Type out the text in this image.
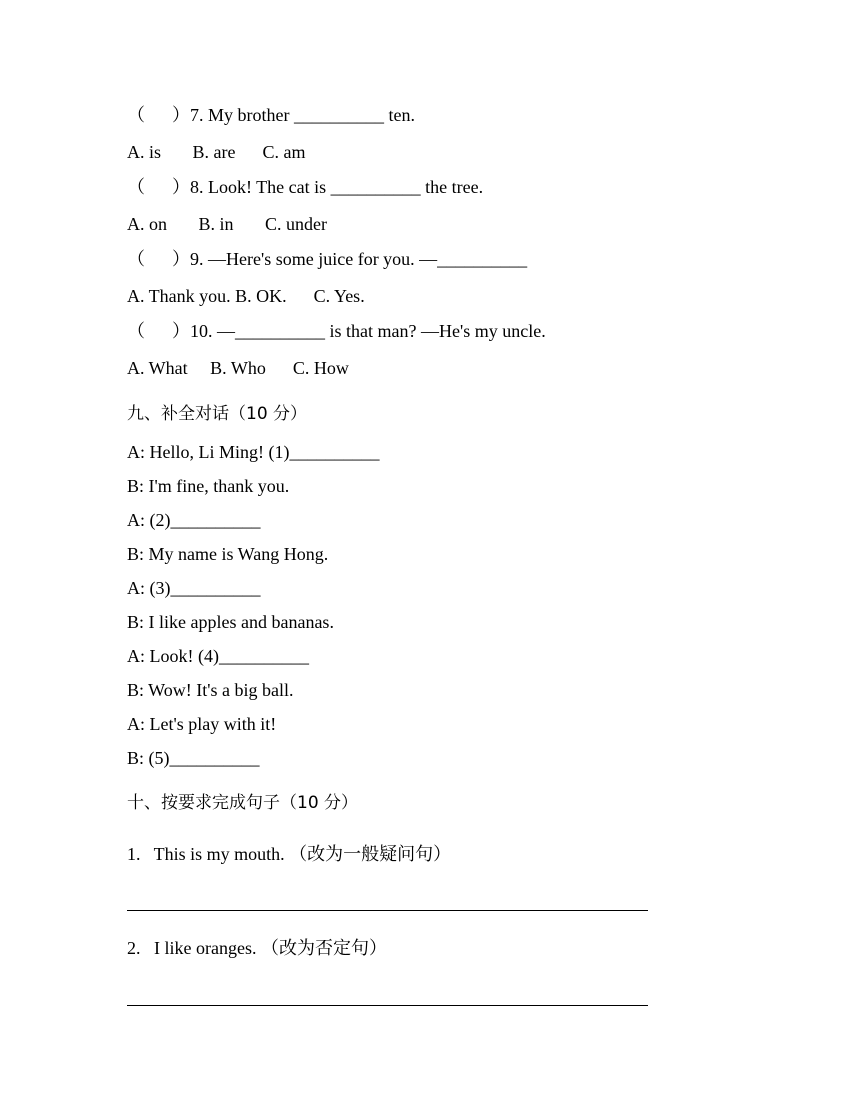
（      ）7. My brother __________ ten.
A. is       B. are      C. am
（      ）8. Look! The cat is __________ the tree.
A. on       B. in       C. under
（      ）9. —Here's some juice for you. —__________
A. Thank you. B. OK.      C. Yes.
（      ）10. —__________ is that man? —He's my uncle.
A. What     B. Who      C. How
九、补全对话（10 分）
A: Hello, Li Ming! (1)__________
B: I'm fine, thank you.
A: (2)__________
B: My name is Wang Hong.
A: (3)__________
B: I like apples and bananas.
A: Look! (4)__________
B: Wow! It's a big ball.
A: Let's play with it!
B: (5)__________
十、按要求完成句子（10 分）
1.   This is my mouth. （改为一般疑问句）
2.   I like oranges. （改为否定句）
